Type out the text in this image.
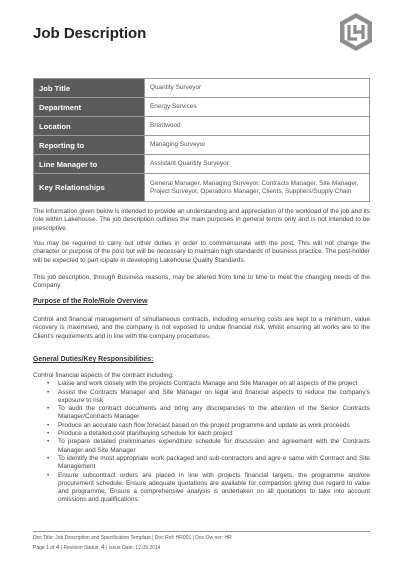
Job Description
Job Title	Quantity Surveyor
Department	Energy Services
Location	Brentwood
Reporting to	Managing Surveyor
Line Manager to	Assistant Quantity Surveyor
Key Relationships	General Manager, Managing Surveyor, Contracts Manager, Site Manager, Project Surveyor, Operations Manager, Clients, Suppliers/Supply Chain

The information given below is intended to provide an understanding and appreciation of the workload of the job and its role within Lakehouse. The job description outlines the main purposes in general terms only and is not intended to be prescriptive.

You may be required to carry out other duties in order to commensurate with the post. This will not change the character or purpose of the post but will be necessary to maintain high standards of business practice. The post-holder will be expected to part icipate in developing Lakehouse Quality Standards.

This job description, through Business reasons, may be altered from time to time to meet the changing needs of the Company.

Purpose of the Role/Role Overview

Control and financial management of simultaneous contracts, including ensuring costs are kept to a minimum, value recovery is maximised, and the company is not exposed to undue financial risk, whilst ensuring all works are to the Client's requirements and in line with the company procedures.

General Duties/Key Responsibilities:

Control financial aspects of the contract including:

• Liaise and work closely with the projects Contracts Manage and Site Manager on all aspects of the project
• Assist the Contracts Manager and Site Manager on legal and financial aspects to reduce the company's exposure to risk
• To audit the contract documents and bring any discrepancies to the attention of the Senior Contracts Manager/Contracts Manager
• Produce an accurate cash flow forecast based on the project programme and update as work proceeds
• Produce a detailed cost plan/buying schedule for each project
• To prepare detailed preliminaries expenditure schedule for discussion and agreement with the Contracts Manager and Site Manager
• To identify the most appropriate work packaged and sub-contractors and agre e same with Contract and Site Management
• Ensure subcontract orders are placed in line with projects financial targets, the programme and/ore procurement schedule. Ensure adequate quotations are available for comparison giving due regard to value and programme. Ensure a comprehensive analysis is undertaken on all quotations to take into account omissions and qualifications.
Doc Title: Job Description and Specification Template | Doc Ref: HR001 | Doc Ow ner: HR
Page 1 of 4 | Revision Status: 4 | Issue Date: 12.09.2014
